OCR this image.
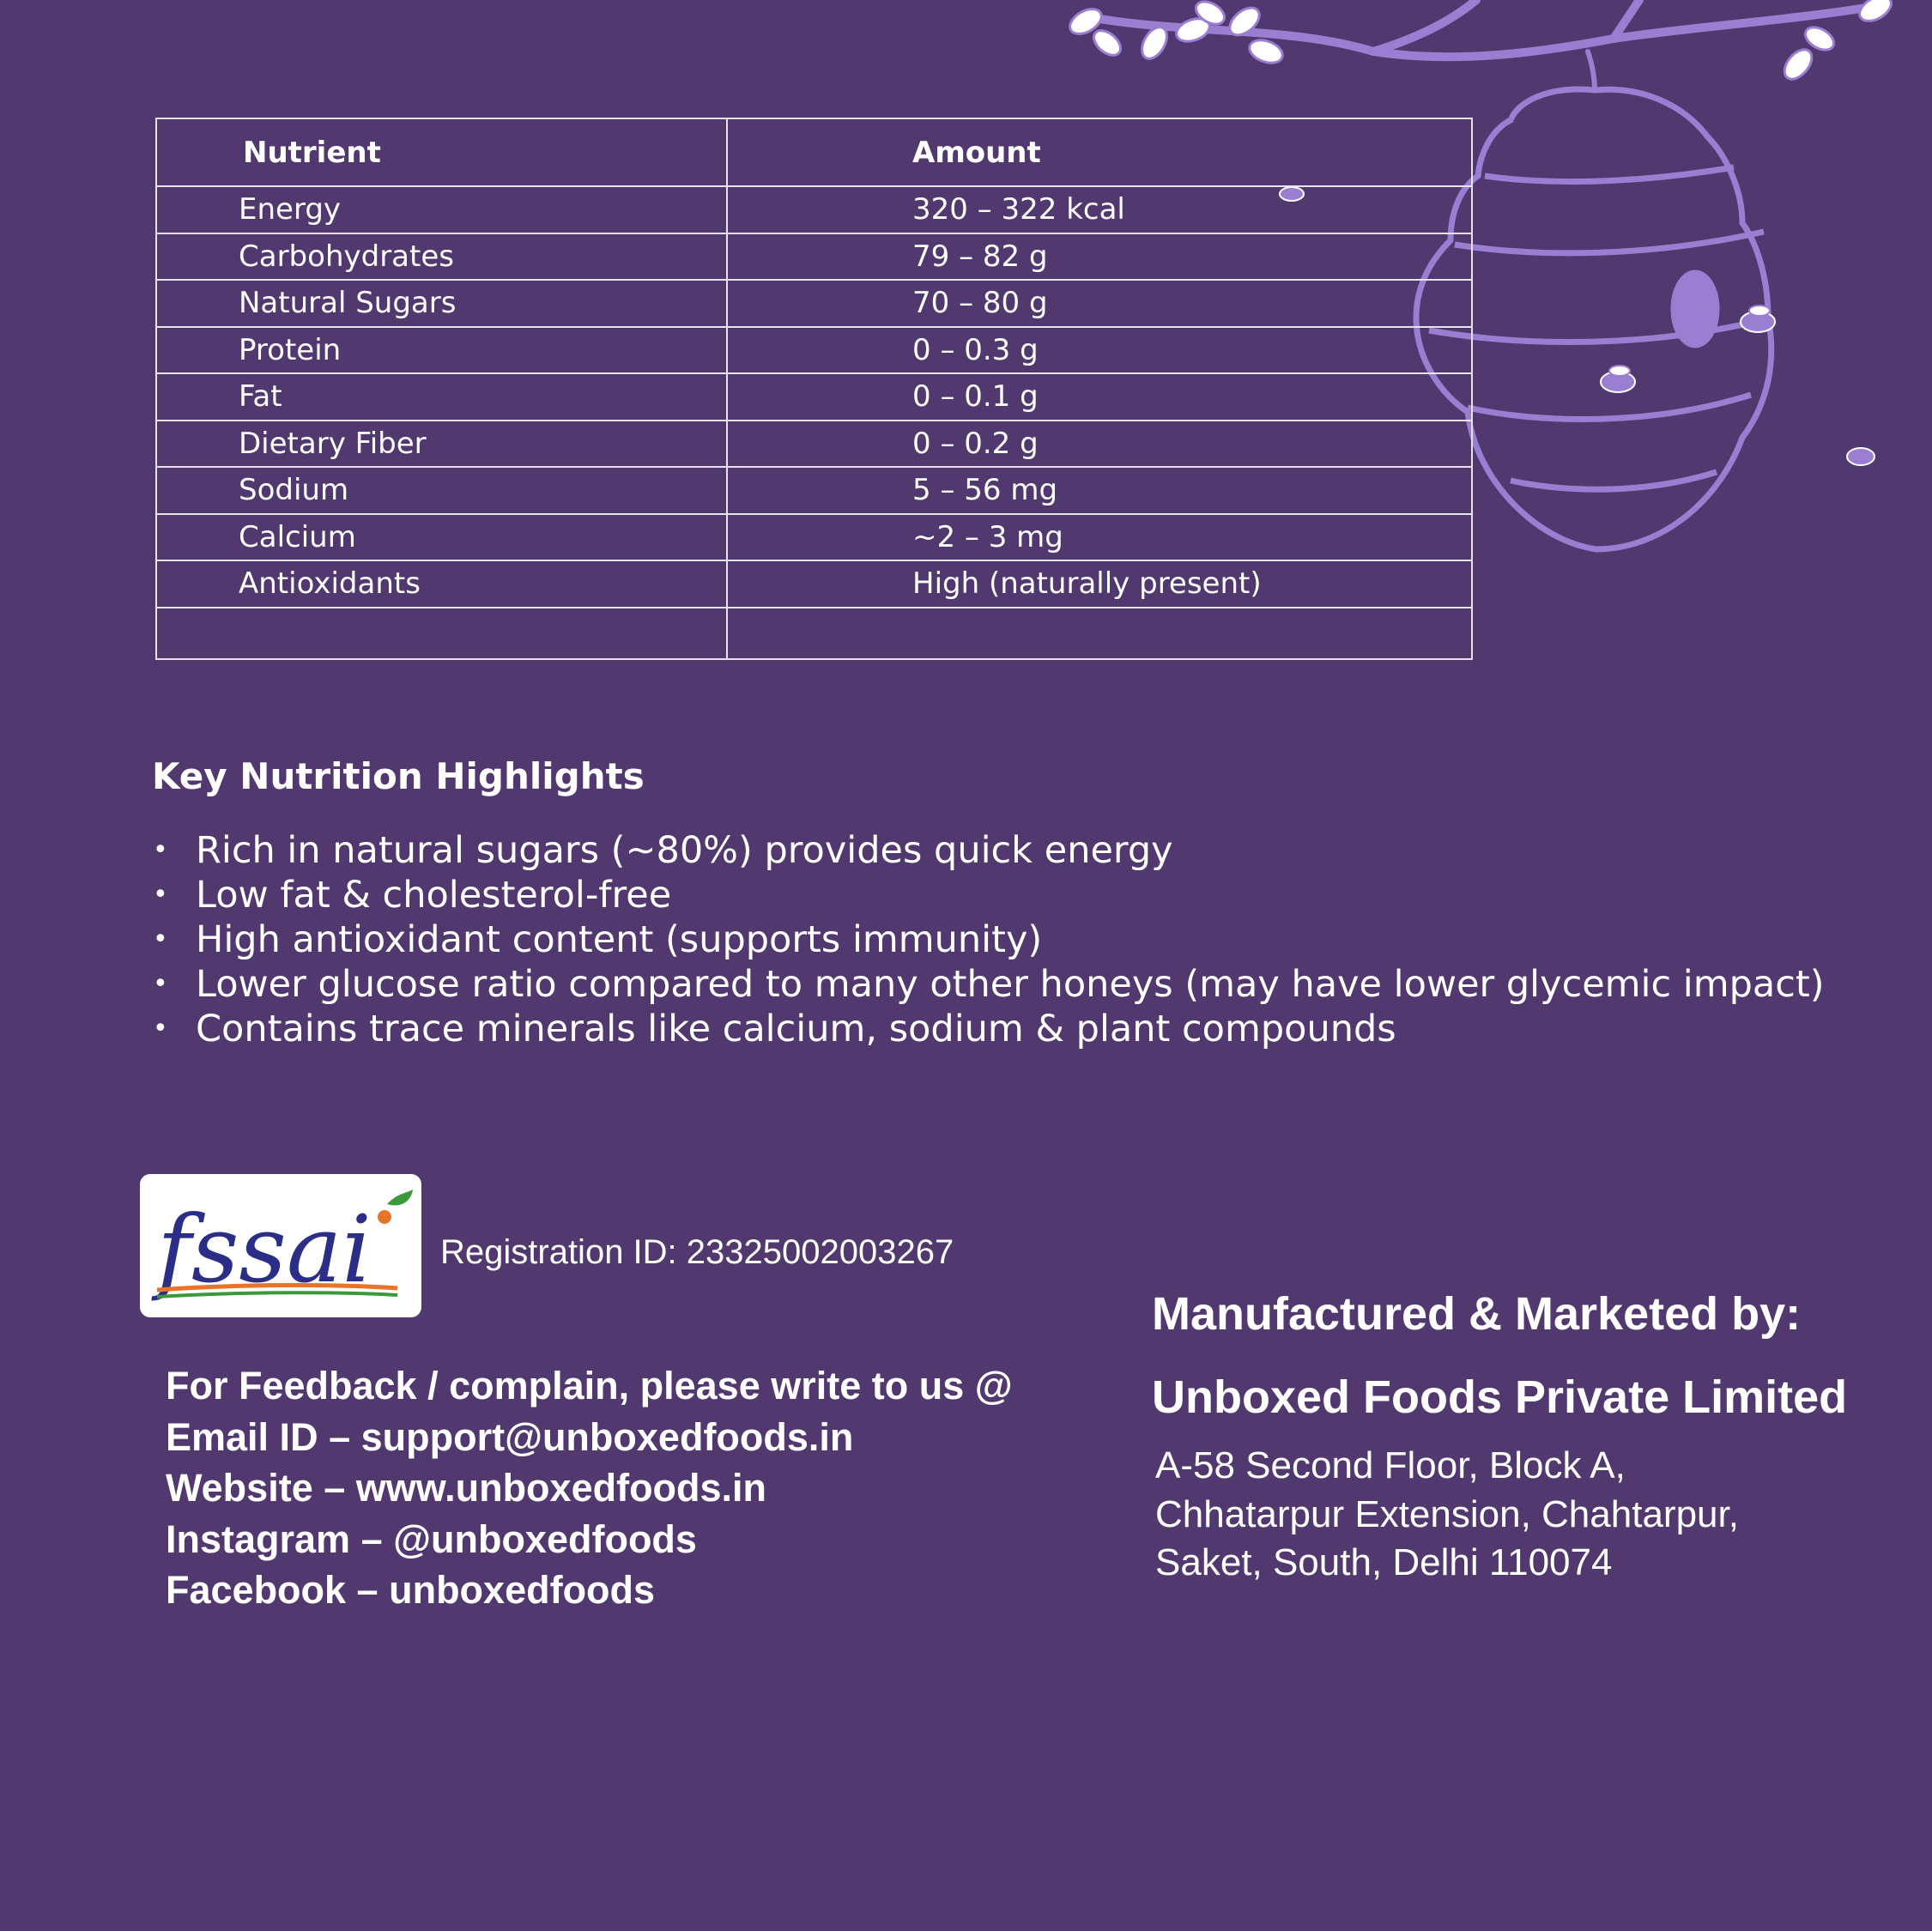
Nutrient	Amount
Energy	320 – 322 kcal
Carbohydrates	79 – 82 g
Natural Sugars	70 – 80 g
Protein	0 – 0.3 g
Fat	0 – 0.1 g
Dietary Fiber	0 – 0.2 g
Sodium	5 – 56 mg
Calcium	~2 – 3 mg
Antioxidants	High (naturally present)

Key Nutrition Highlights
• Rich in natural sugars (~80%) provides quick energy
• Low fat & cholesterol-free
• High antioxidant content (supports immunity)
• Lower glucose ratio compared to many other honeys (may have lower glycemic impact)
• Contains trace minerals like calcium, sodium & plant compounds
fssai Registration ID: 23325002003267
For Feedback / complain, please write to us @
Email ID – support@unboxedfoods.in
Website – www.unboxedfoods.in
Instagram – @unboxedfoods
Facebook – unboxedfoods
Manufactured & Marketed by:
Unboxed Foods Private Limited
A-58 Second Floor, Block A,
Chhatarpur Extension, Chahtarpur,
Saket, South, Delhi 110074
